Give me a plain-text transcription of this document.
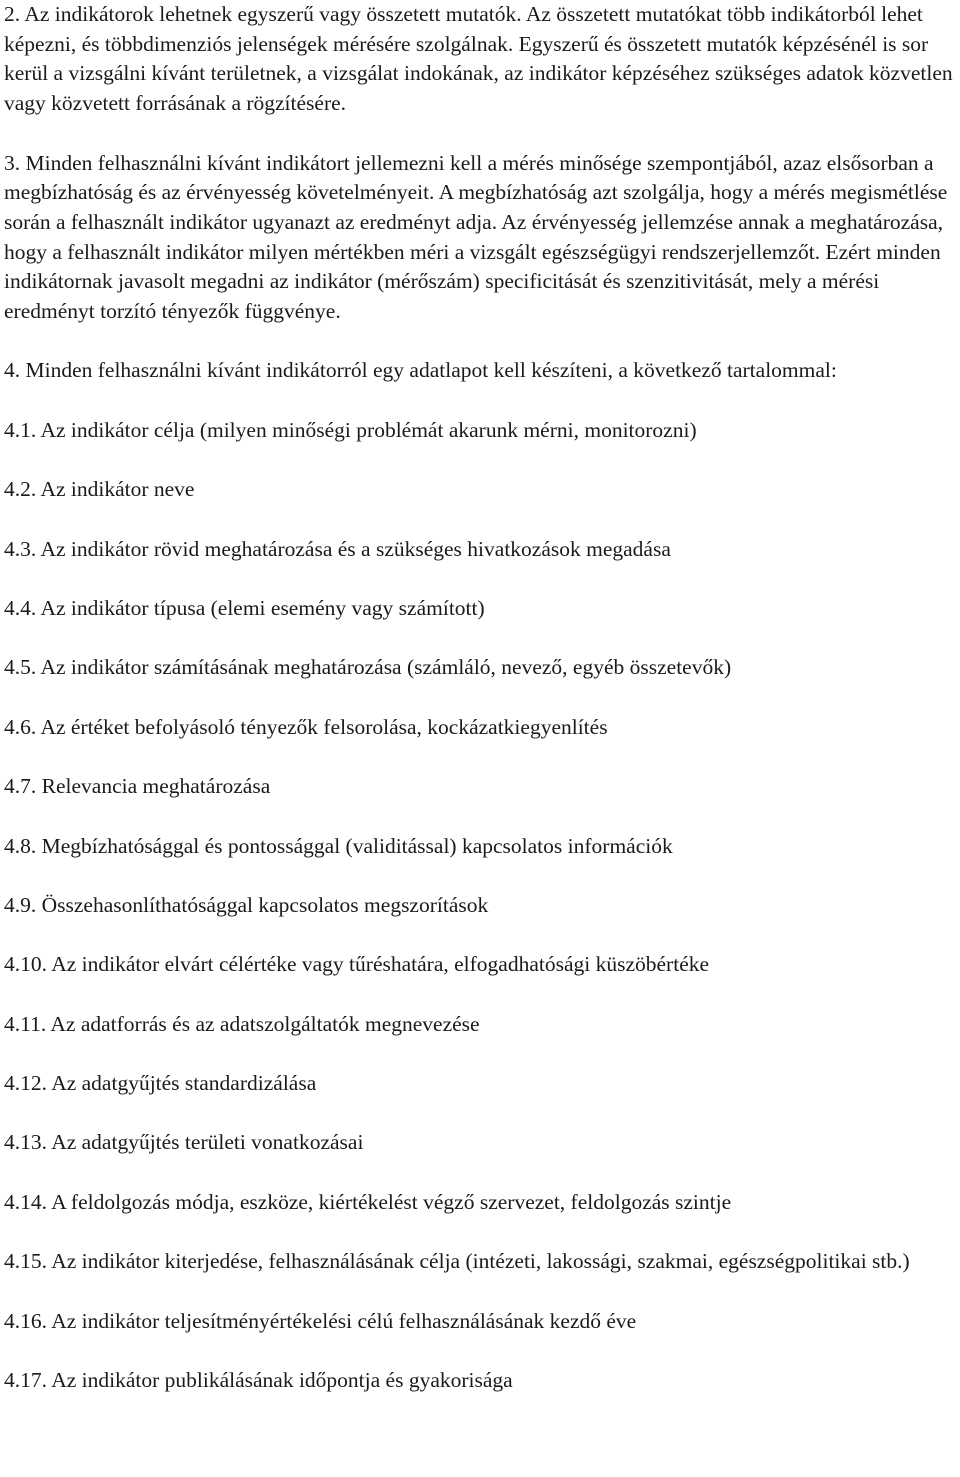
2. Az indikátorok lehetnek egyszerű vagy összetett mutatók. Az összetett mutatókat több indikátorból lehet képezni, és többdimenziós jelenségek mérésére szolgálnak. Egyszerű és összetett mutatók képzésénél is sor kerül a vizsgálni kívánt területnek, a vizsgálat indokának, az indikátor képzéséhez szükséges adatok közvetlen vagy közvetett forrásának a rögzítésére.

3. Minden felhasználni kívánt indikátort jellemezni kell a mérés minősége szempontjából, azaz elsősorban a megbízhatóság és az érvényesség követelményeit. A megbízhatóság azt szolgálja, hogy a mérés megismétlése során a felhasznált indikátor ugyanazt az eredményt adja. Az érvényesség jellemzése annak a meghatározása, hogy a felhasznált indikátor milyen mértékben méri a vizsgált egészségügyi rendszerjellemzőt. Ezért minden indikátornak javasolt megadni az indikátor (mérőszám) specificitását és szenzitivitását, mely a mérési eredményt torzító tényezők függvénye.

4. Minden felhasználni kívánt indikátorról egy adatlapot kell készíteni, a következő tartalommal:

4.1. Az indikátor célja (milyen minőségi problémát akarunk mérni, monitorozni)

4.2. Az indikátor neve

4.3. Az indikátor rövid meghatározása és a szükséges hivatkozások megadása

4.4. Az indikátor típusa (elemi esemény vagy számított)

4.5. Az indikátor számításának meghatározása (számláló, nevező, egyéb összetevők)

4.6. Az értéket befolyásoló tényezők felsorolása, kockázatkiegyenlítés

4.7. Relevancia meghatározása

4.8. Megbízhatósággal és pontossággal (validitással) kapcsolatos információk

4.9. Összehasonlíthatósággal kapcsolatos megszorítások

4.10. Az indikátor elvárt célértéke vagy tűréshatára, elfogadhatósági küszöbértéke

4.11. Az adatforrás és az adatszolgáltatók megnevezése

4.12. Az adatgyűjtés standardizálása

4.13. Az adatgyűjtés területi vonatkozásai

4.14. A feldolgozás módja, eszköze, kiértékelést végző szervezet, feldolgozás szintje

4.15. Az indikátor kiterjedése, felhasználásának célja (intézeti, lakossági, szakmai, egészségpolitikai stb.)

4.16. Az indikátor teljesítményértékelési célú felhasználásának kezdő éve

4.17. Az indikátor publikálásának időpontja és gyakorisága
